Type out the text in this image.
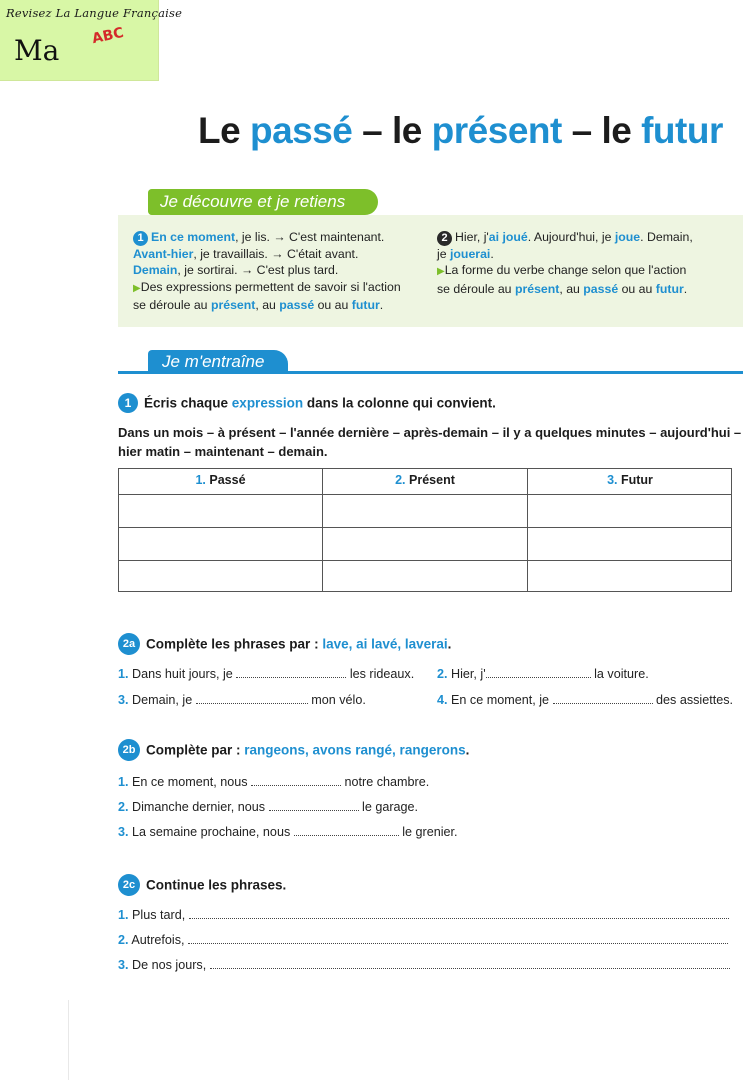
Revisez La Langue Française
Ma ABC
Le passé – le présent – le futur
Je découvre et je retiens
1 En ce moment, je lis. → C'est maintenant.
Avant-hier, je travaillais. → C'était avant.
Demain, je sortirai. → C'est plus tard.
▶Des expressions permettent de savoir si l'action
se déroule au présent, au passé ou au futur.
2 Hier, j'ai joué. Aujourd'hui, je joue. Demain,
je jouerai.
▶La forme du verbe change selon que l'action
se déroule au présent, au passé ou au futur.
Je m'entraîne
1 Écris chaque expression dans la colonne qui convient.
Dans un mois – à présent – l'année dernière – après-demain – il y a quelques minutes – aujourd'hui – hier matin – maintenant – demain.
1. Passé	2. Présent	3. Futur
2a Complète les phrases par : lave, ai lavé, laverai.
1. Dans huit jours, je	les rideaux. 2. Hier, j'	la voiture.
3. Demain, je	mon vélo.	4. En ce moment, je	des assiettes.
2b Complète par : rangeons, avons rangé, rangerons.
1. En ce moment, nous	notre chambre.
2. Dimanche dernier, nous	le garage.
3. La semaine prochaine, nous	le grenier.
2c Continue les phrases.
1. Plus tard,
2. Autrefois,
3. De nos jours,
